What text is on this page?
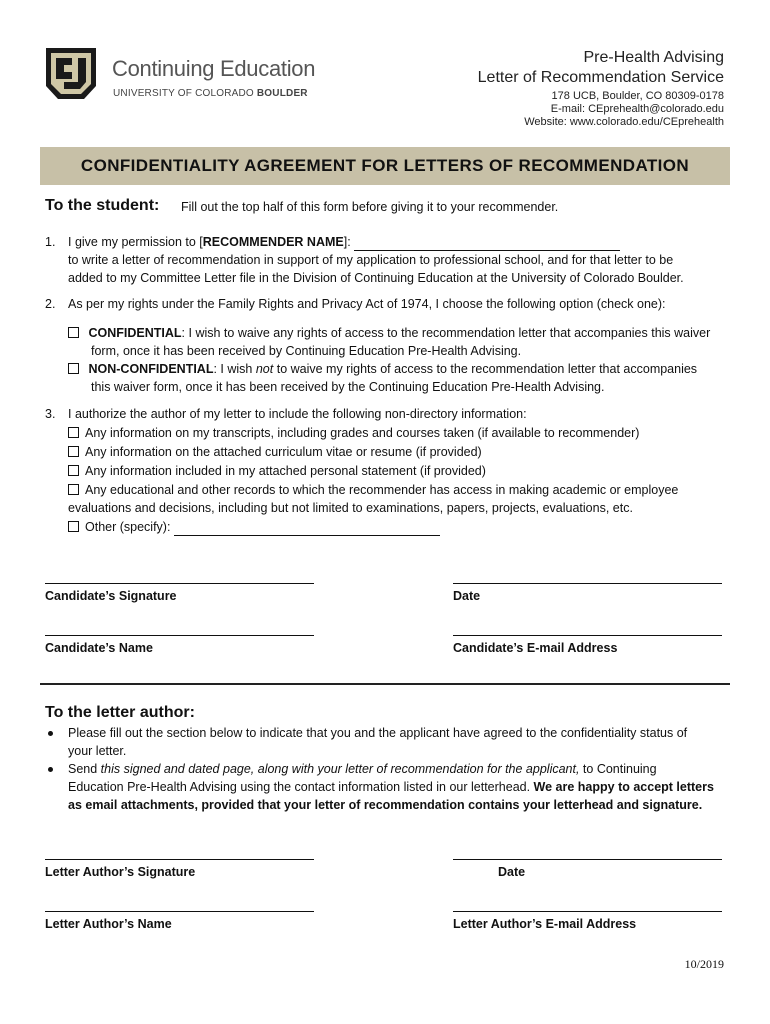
Continuing Education
UNIVERSITY OF COLORADO BOULDER
Pre-Health Advising
Letter of Recommendation Service
178 UCB, Boulder, CO 80309-0178
E-mail: CEprehealth@colorado.edu
Website: www.colorado.edu/CEprehealth
CONFIDENTIALITY AGREEMENT FOR LETTERS OF RECOMMENDATION
To the student: Fill out the top half of this form before giving it to your recommender.
1. I give my permission to [RECOMMENDER NAME]:
to write a letter of recommendation in support of my application to professional school, and for that letter to be
added to my Committee Letter file in the Division of Continuing Education at the University of Colorado Boulder.
2. As per my rights under the Family Rights and Privacy Act of 1974, I choose the following option (check one):
CONFIDENTIAL: I wish to waive any rights of access to the recommendation letter that accompanies this waiver
form, once it has been received by Continuing Education Pre-Health Advising.
NON-CONFIDENTIAL: I wish not to waive my rights of access to the recommendation letter that accompanies
this waiver form, once it has been received by the Continuing Education Pre-Health Advising.
3. I authorize the author of my letter to include the following non-directory information:
Any information on my transcripts, including grades and courses taken (if available to recommender)
Any information on the attached curriculum vitae or resume (if provided)
Any information included in my attached personal statement (if provided)
Any educational and other records to which the recommender has access in making academic or employee
evaluations and decisions, including but not limited to examinations, papers, projects, evaluations, etc.
Other (specify):
Candidate’s Signature	Date
Candidate’s Name	Candidate’s E-mail Address
To the letter author:
Please fill out the section below to indicate that you and the applicant have agreed to the confidentiality status of
your letter.
Send this signed and dated page, along with your letter of recommendation for the applicant, to Continuing
Education Pre-Health Advising using the contact information listed in our letterhead. We are happy to accept letters
as email attachments, provided that your letter of recommendation contains your letterhead and signature.
Letter Author’s Signature	Date
Letter Author’s Name	Letter Author’s E-mail Address
10/2019
